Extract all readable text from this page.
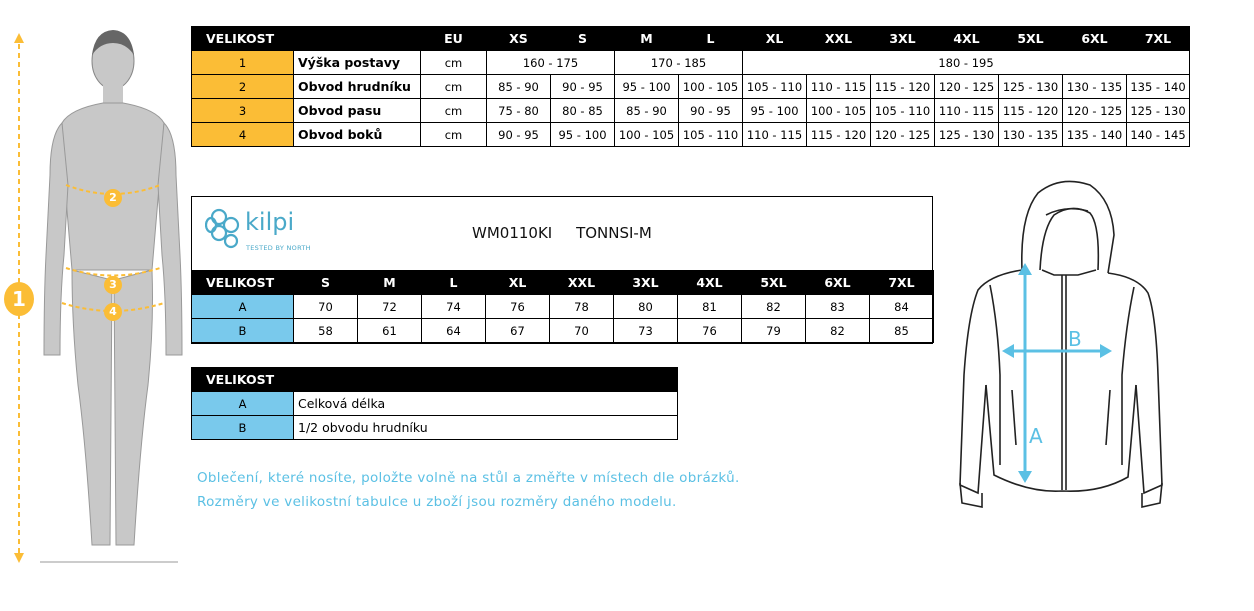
1
2
3
4
VELIKOST		EU	XS	S	M	L	XL	XXL	3XL	4XL	5XL	6XL	7XL
1	Výška postavy	cm	160 - 175		170 - 185		180 - 195						
2	Obvod hrudníku	cm	85 - 90	90 - 95	95 - 100	100 - 105	105 - 110	110 - 115	115 - 120	120 - 125	125 - 130	130 - 135	135 - 140
3	Obvod pasu	cm	75 - 80	80 - 85	85 - 90	90 - 95	95 - 100	100 - 105	105 - 110	110 - 115	115 - 120	120 - 125	125 - 130
4	Obvod boků	cm	90 - 95	95 - 100	100 - 105	105 - 110	110 - 115	115 - 120	120 - 125	125 - 130	130 - 135	135 - 140	140 - 145
kilpi
TESTED BY NORTH
WM0110KI TONNSI-M
VELIKOST	S	M	L	XL	XXL	3XL	4XL	5XL	6XL	7XL
A	70	72	74	76	78	80	81	82	83	84
B	58	61	64	67	70	73	76	79	82	85
VELIKOST	
A	Celková délka
B	1/2 obvodu hrudníku
Oblečení, které nosíte, položte volně na stůl a změřte v místech dle obrázků.
Rozměry ve velikostní tabulce u zboží jsou rozměry daného modelu.
A
B
